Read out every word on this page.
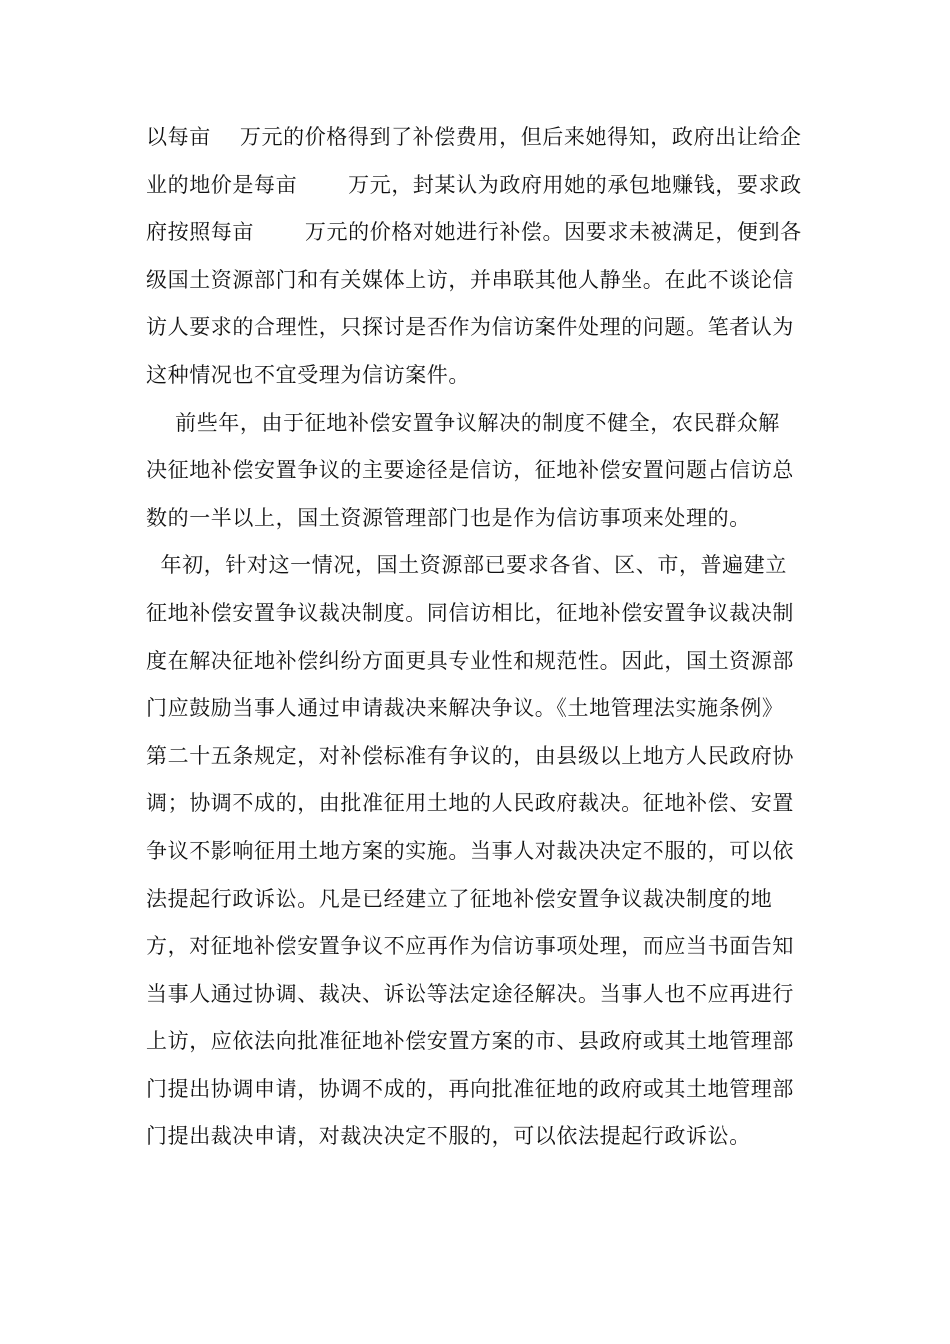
以每亩    万元的价格得到了补偿费用，但后来她得知，政府出让给企
业的地价是每亩       万元，封某认为政府用她的承包地赚钱，要求政
府按照每亩       万元的价格对她进行补偿。因要求未被满足，便到各
级国土资源部门和有关媒体上访，并串联其他人静坐。在此不谈论信
访人要求的合理性，只探讨是否作为信访案件处理的问题。笔者认为
这种情况也不宜受理为信访案件。
前些年，由于征地补偿安置争议解决的制度不健全，农民群众解
决征地补偿安置争议的主要途径是信访，征地补偿安置问题占信访总
数的一半以上，国土资源管理部门也是作为信访事项来处理的。
年初，针对这一情况，国土资源部已要求各省、区、市，普遍建立
征地补偿安置争议裁决制度。同信访相比，征地补偿安置争议裁决制
度在解决征地补偿纠纷方面更具专业性和规范性。因此，国土资源部
门应鼓励当事人通过申请裁决来解决争议。《土地管理法实施条例》
第二十五条规定，对补偿标准有争议的，由县级以上地方人民政府协
调；协调不成的，由批准征用土地的人民政府裁决。征地补偿、安置
争议不影响征用土地方案的实施。当事人对裁决决定不服的，可以依
法提起行政诉讼。凡是已经建立了征地补偿安置争议裁决制度的地
方，对征地补偿安置争议不应再作为信访事项处理，而应当书面告知
当事人通过协调、裁决、诉讼等法定途径解决。当事人也不应再进行
上访，应依法向批准征地补偿安置方案的市、县政府或其土地管理部
门提出协调申请，协调不成的，再向批准征地的政府或其土地管理部
门提出裁决申请，对裁决决定不服的，可以依法提起行政诉讼。
